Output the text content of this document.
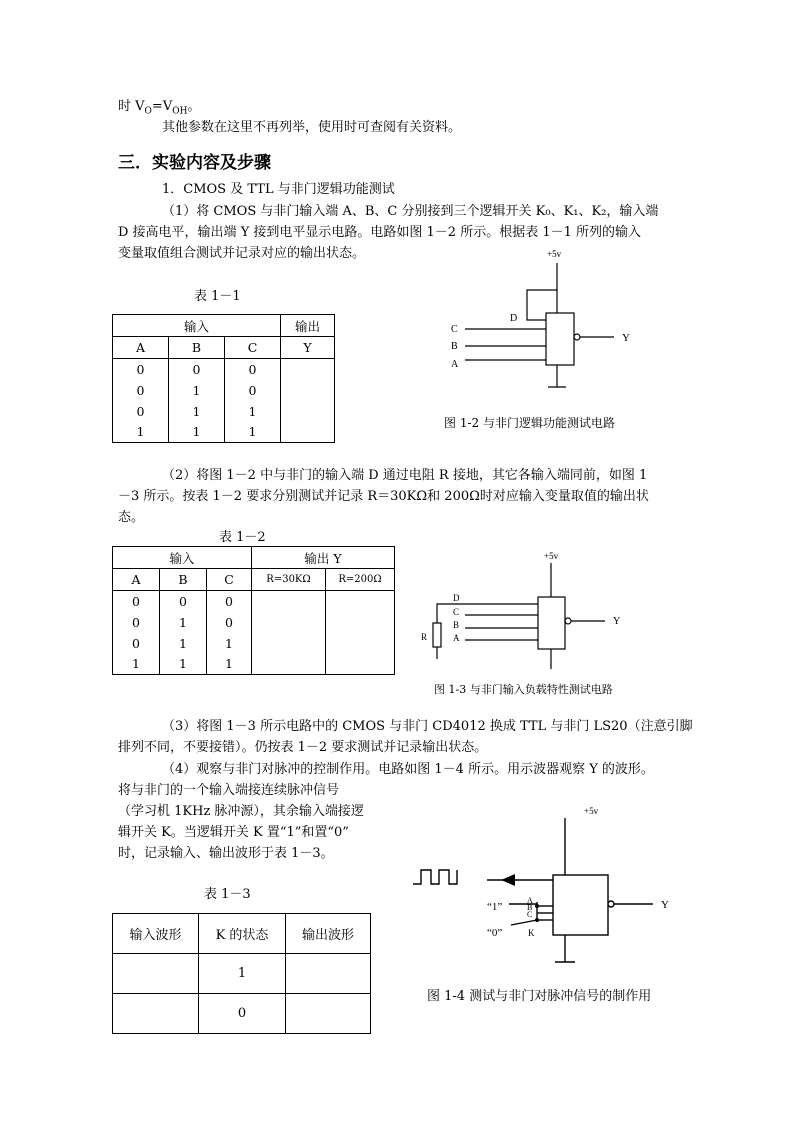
时 $V_O=V_{OH}$。
其他参数在这里不再列举，使用时可查阅有关资料。
三．实验内容及步骤
1．CMOS 及 TTL 与非门逻辑功能测试
（1）将 CMOS 与非门输入端 A、B、C 分别接到三个逻辑开关 K₀、K₁、K₂，输入端
D 接高电平，输出端 Y 接到电平显示电路。电路如图 1－2 所示。根据表 1－1 所列的输入
变量取值组合测试并记录对应的输出状态。
表 1－1
输入			输出
A	B	C	Y
0	0	0	
0	1	0	
0	1	1	
1	1	1	
+5v
D
C
B
A
Y
图 1-2 与非门逻辑功能测试电路
（2）将图 1－2 中与非门的输入端 D 通过电阻 R 接地，其它各输入端同前，如图 1
－3 所示。按表 1－2 要求分别测试并记录 R＝30KΩ和 200Ω时对应输入变量取值的输出状
态。
表 1－2
输入			输出 Y	
A	B	C	R=30KΩ	R=200Ω
0	0	0		
0	1	0		
0	1	1		
1	1	1		
+5v
D
C
B
A
R
Y
图 1-3 与非门输入负载特性测试电路
（3）将图 1－3 所示电路中的 CMOS 与非门 CD4012 换成 TTL 与非门 LS20（注意引脚
排列不同，不要接错）。仍按表 1－2 要求测试并记录输出状态。
（4）观察与非门对脉冲的控制作用。电路如图 1－4 所示。用示波器观察 Y 的波形。
将与非门的一个输入端接连续脉冲信号
（学习机 1KHz 脉冲源），其余输入端接逻
辑开关 K。当逻辑开关 K 置“1”和置“0”
时，记录输入、输出波形于表 1－3。
表 1－3
输入波形	K 的状态	输出波形
	1	
	0	
+5v
A
B
C
K
“1”
“0”
Y
图 1-4 测试与非门对脉冲信号的制作用
